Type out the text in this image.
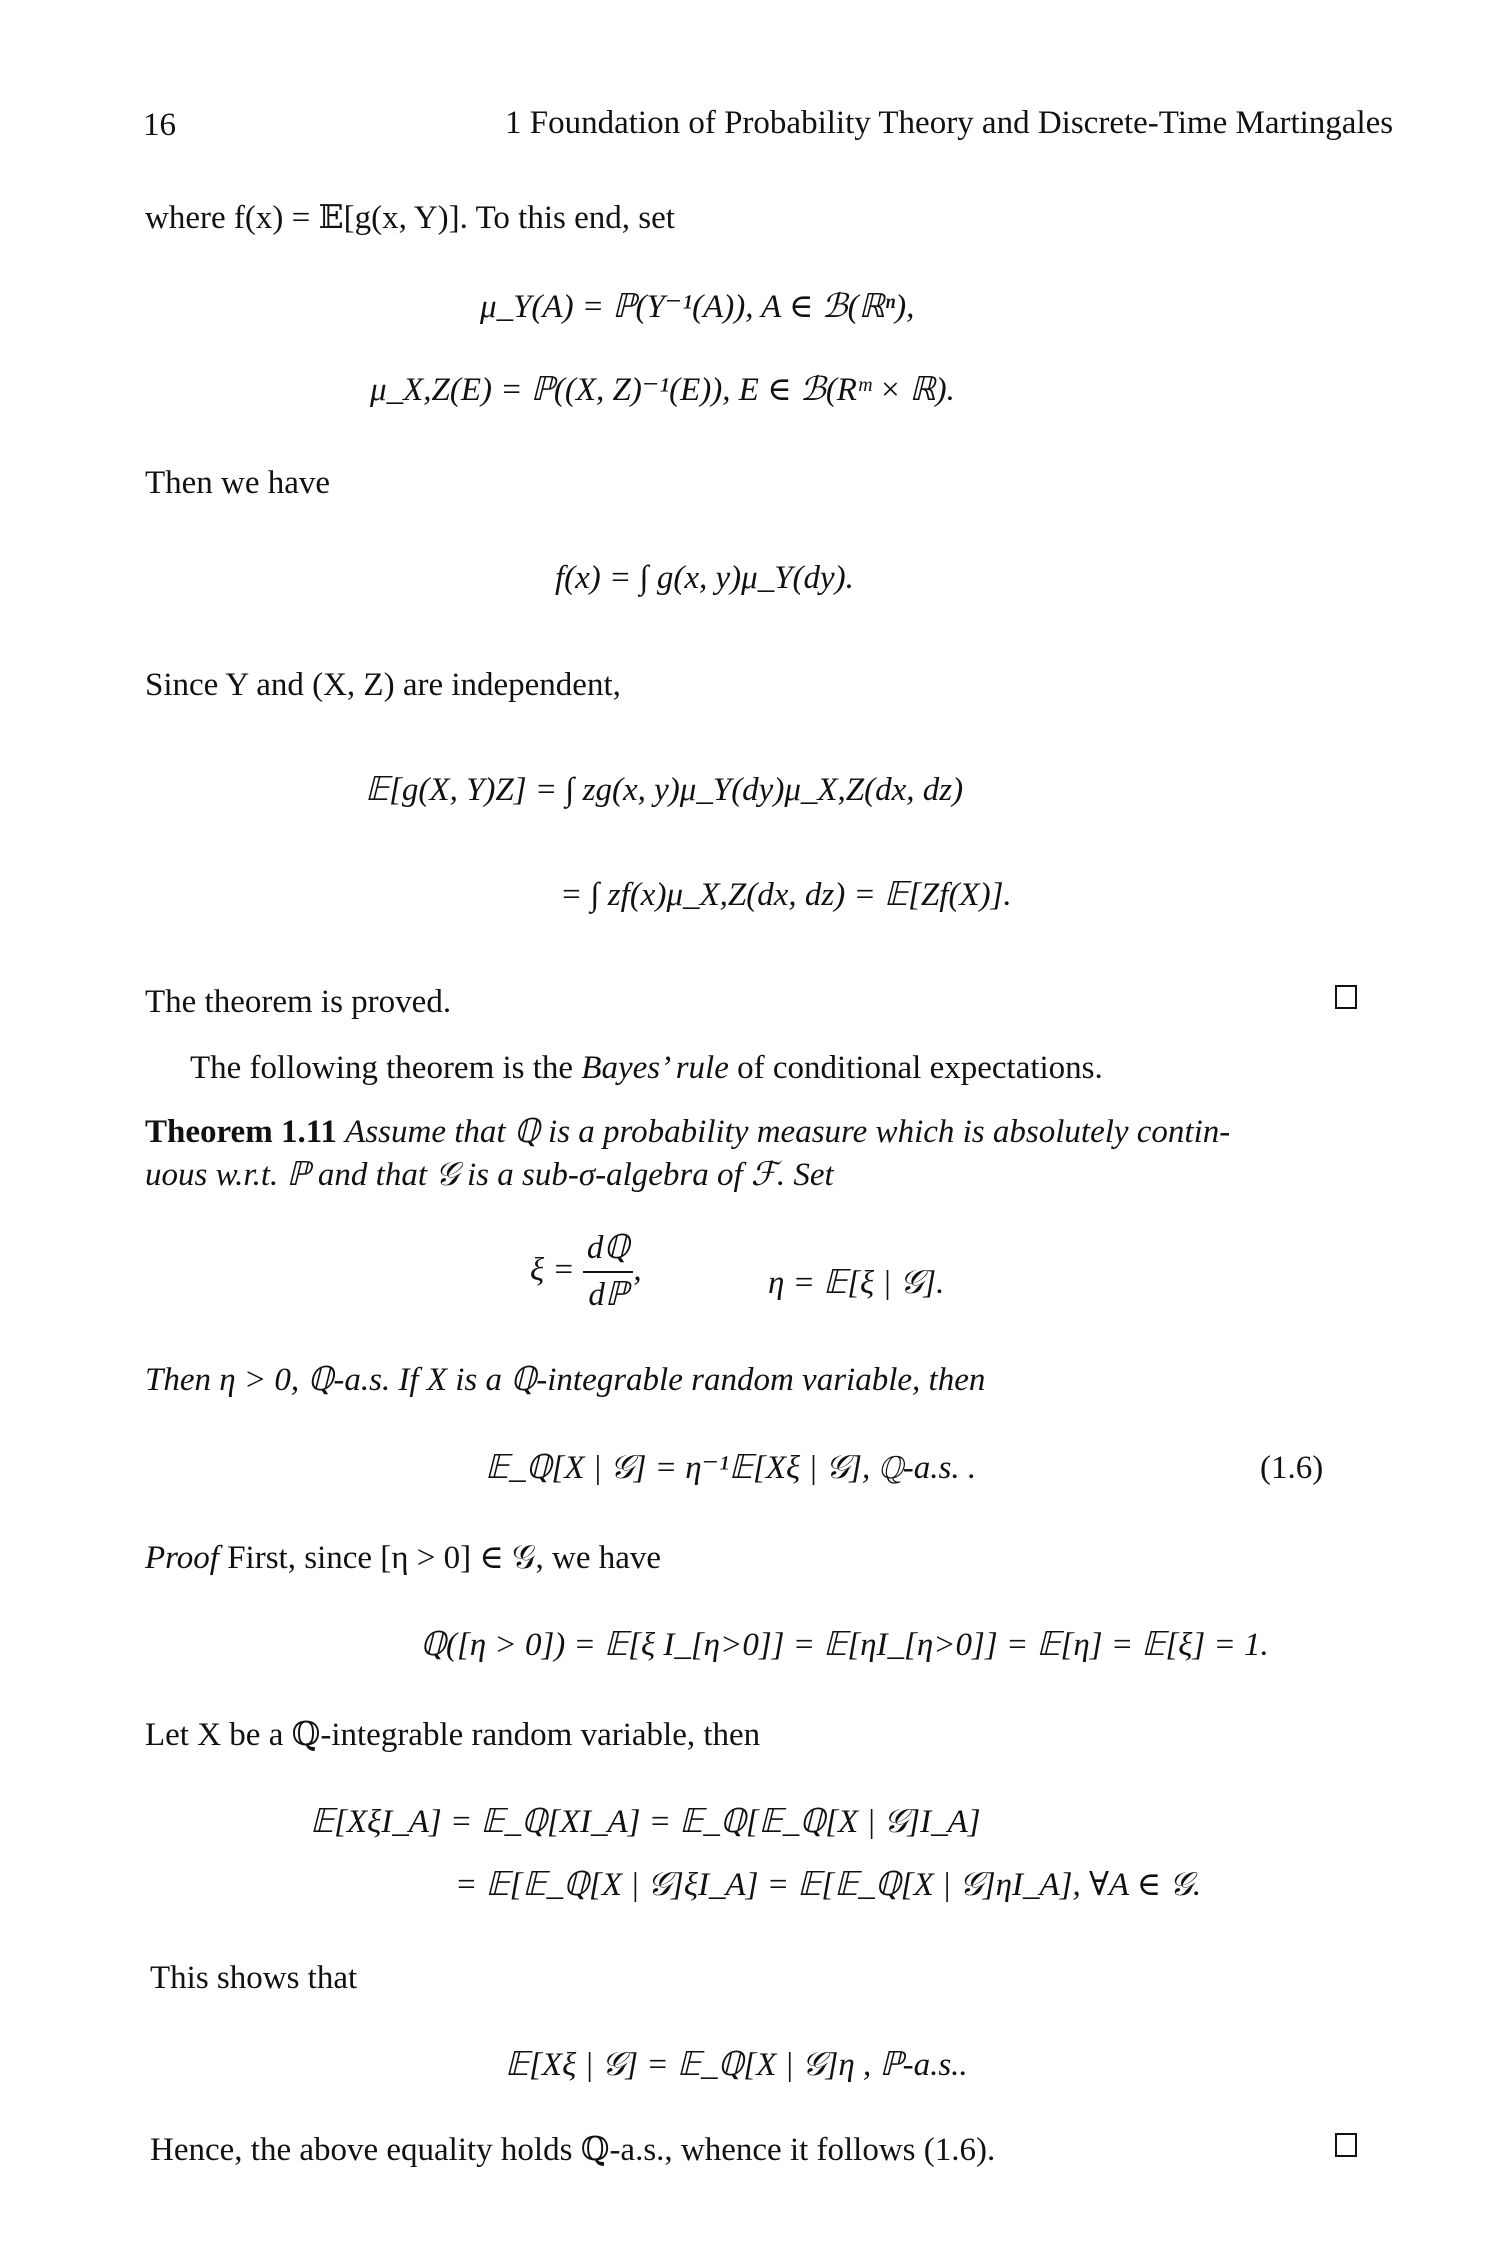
16	1 Foundation of Probability Theory and Discrete-Time Martingales
where f(x) = 𝔼[g(x, Y)]. To this end, set
μ_Y(A) = ℙ(Y⁻¹(A)), A ∈ ℬ(ℝⁿ),
μ_X,Z(E) = ℙ((X, Z)⁻¹(E)), E ∈ ℬ(Rᵐ × ℝ).
Then we have
f(x) = ∫ g(x, y)μ_Y(dy).
Since Y and (X, Z) are independent,
𝔼[g(X, Y)Z] = ∫ zg(x, y)μ_Y(dy)μ_X,Z(dx, dz)
= ∫ zf(x)μ_X,Z(dx, dz) = 𝔼[Zf(X)].
The theorem is proved.
The following theorem is the Bayes’ rule of conditional expectations.
Theorem 1.11 Assume that ℚ is a probability measure which is absolutely contin-
uous w.r.t. ℙ and that 𝒢 is a sub-σ-algebra of ℱ. Set
$\xi = \frac{\text{dℚ}}{\text{dℙ}}$ ,	η = 𝔼[ξ | 𝒢].
Then η > 0, ℚ-a.s. If X is a ℚ-integrable random variable, then
𝔼_ℚ[X | 𝒢] = η⁻¹𝔼[Xξ | 𝒢], ℚ-a.s. .	(1.6)
Proof First, since [η > 0] ∈ 𝒢, we have
ℚ([η > 0]) = 𝔼[ξ I_[η>0]] = 𝔼[ηI_[η>0]] = 𝔼[η] = 𝔼[ξ] = 1.
Let X be a ℚ-integrable random variable, then
𝔼[XξI_A] = 𝔼_ℚ[XI_A] = 𝔼_ℚ[𝔼_ℚ[X | 𝒢]I_A]
= 𝔼[𝔼_ℚ[X | 𝒢]ξI_A] = 𝔼[𝔼_ℚ[X | 𝒢]ηI_A], ∀A ∈ 𝒢.
This shows that
𝔼[Xξ | 𝒢] = 𝔼_ℚ[X | 𝒢]η , ℙ-a.s..
Hence, the above equality holds ℚ-a.s., whence it follows (1.6).
